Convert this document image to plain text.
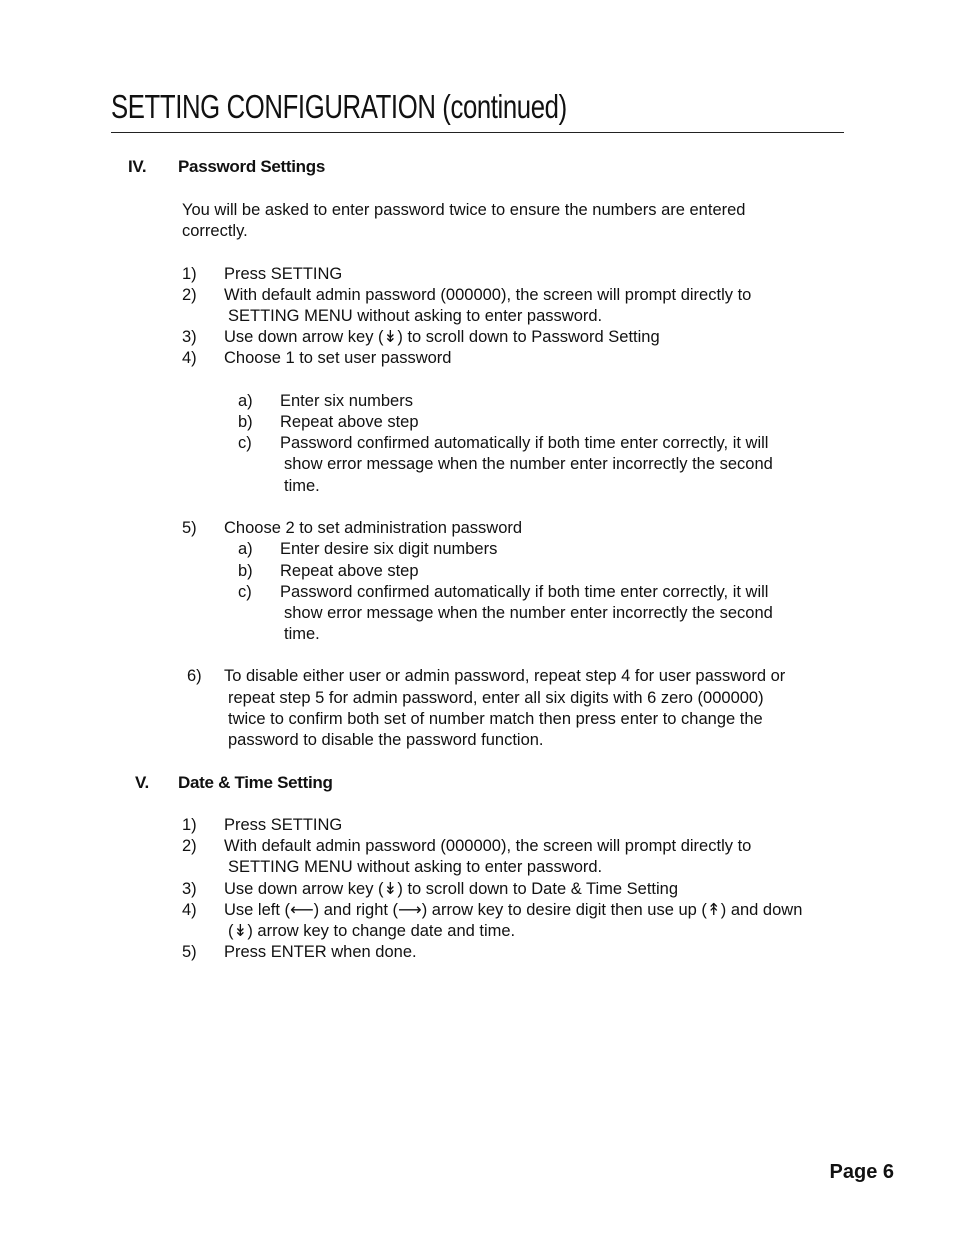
SETTING CONFIGURATION (continued)
IV. Password Settings
You will be asked to enter password twice to ensure the numbers are entered
correctly.
1) Press SETTING
2) With default admin password (000000), the screen will prompt directly to
SETTING MENU without asking to enter password.
3) Use down arrow key (↡) to scroll down to Password Setting
4) Choose 1 to set user password
a) Enter six numbers
b) Repeat above step
c) Password confirmed automatically if both time enter correctly, it will
show error message when the number enter incorrectly the second
time.
5) Choose 2 to set administration password
a) Enter desire six digit numbers
b) Repeat above step
c) Password confirmed automatically if both time enter correctly, it will
show error message when the number enter incorrectly the second
time.
6) To disable either user or admin password, repeat step 4 for user password or
repeat step 5 for admin password, enter all six digits with 6 zero (000000)
twice to confirm both set of number match then press enter to change the
password to disable the password function.
V. Date & Time Setting
1) Press SETTING
2) With default admin password (000000), the screen will prompt directly to
SETTING MENU without asking to enter password.
3) Use down arrow key (↡) to scroll down to Date & Time Setting
4) Use left (⟵) and right (⟶) arrow key to desire digit then use up (↟) and down
(↡) arrow key to change date and time.
5) Press ENTER when done.
Page 6
